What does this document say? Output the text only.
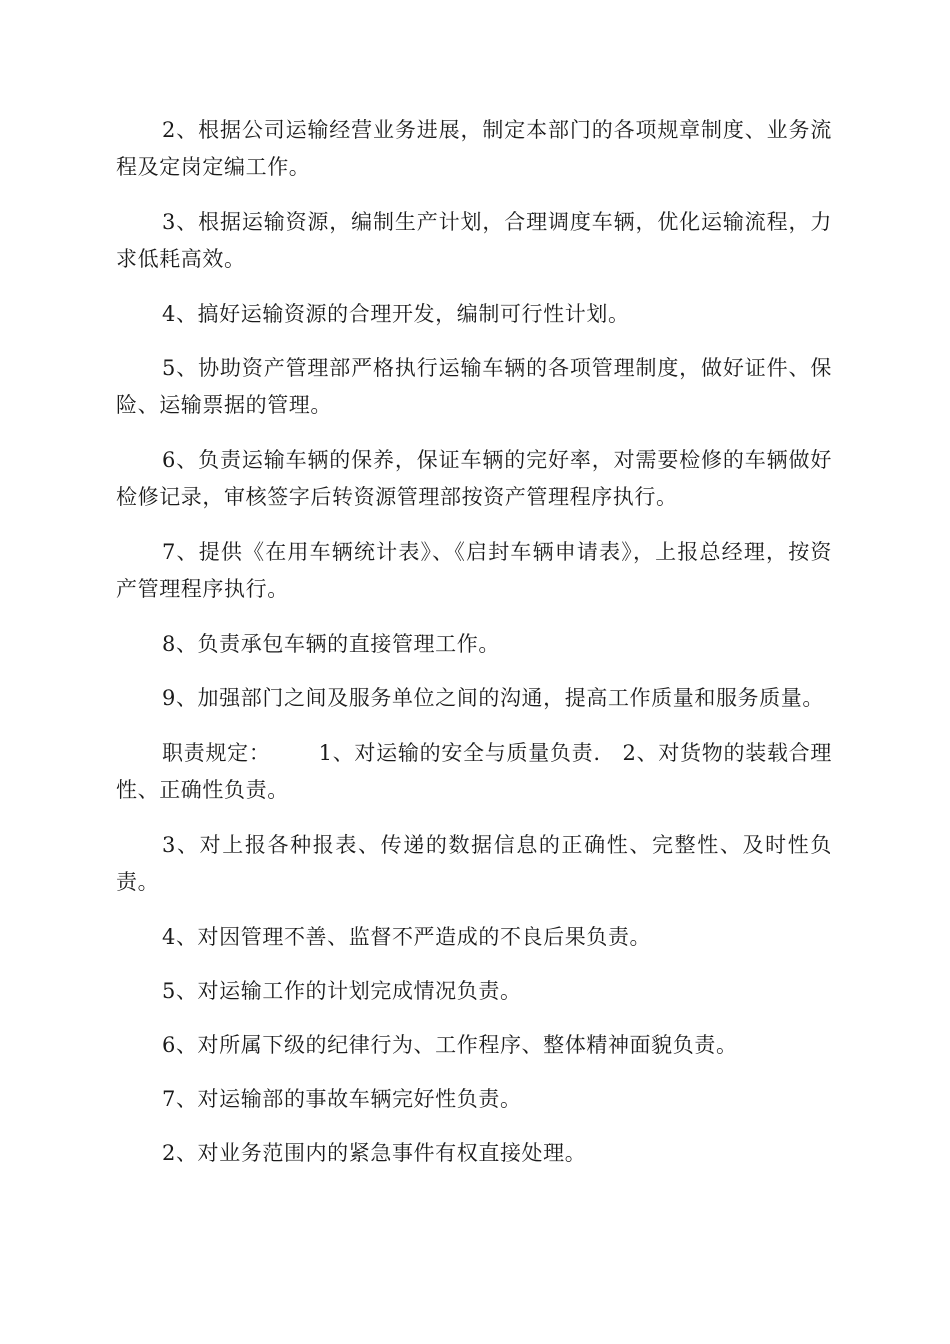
2、根据公司运输经营业务进展，制定本部门的各项规章制度、业务流程及定岗定编工作。

3、根据运输资源，编制生产计划，合理调度车辆，优化运输流程，力求低耗高效。

4、搞好运输资源的合理开发，编制可行性计划。

5、协助资产管理部严格执行运输车辆的各项管理制度，做好证件、保险、运输票据的管理。

6、负责运输车辆的保养，保证车辆的完好率，对需要检修的车辆做好检修记录，审核签字后转资源管理部按资产管理程序执行。

7、提供《在用车辆统计表》、《启封车辆申请表》，上报总经理，按资产管理程序执行。

8、负责承包车辆的直接管理工作。

9、加强部门之间及服务单位之间的沟通，提高工作质量和服务质量。

职责规定： 1、对运输的安全与质量负责.　2、对货物的装载合理性、正确性负责。

3、对上报各种报表、传递的数据信息的正确性、完整性、及时性负责。

4、对因管理不善、监督不严造成的不良后果负责。

5、对运输工作的计划完成情况负责。

6、对所属下级的纪律行为、工作程序、整体精神面貌负责。

7、对运输部的事故车辆完好性负责。

2、对业务范围内的紧急事件有权直接处理。
